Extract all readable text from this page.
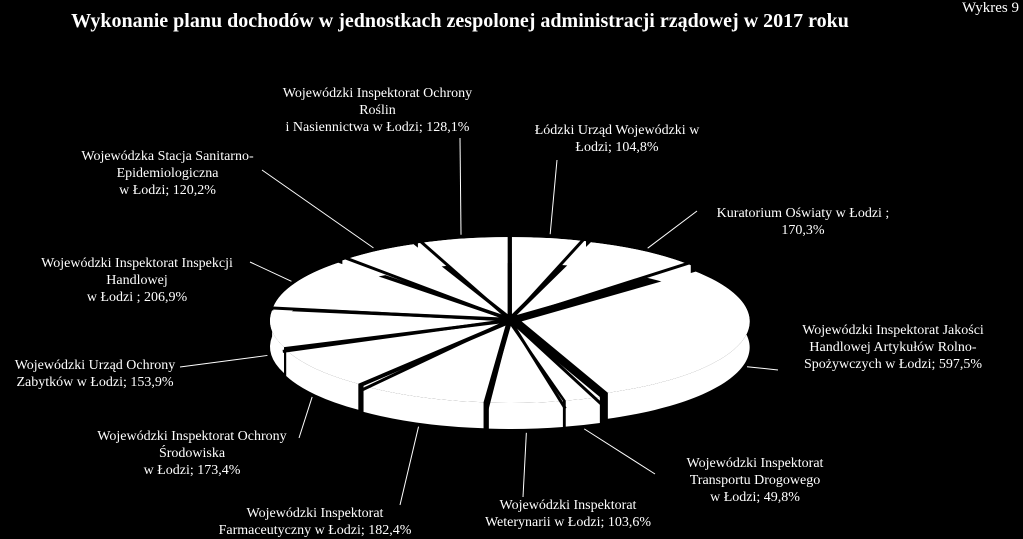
Wykonanie planu dochodów w jednostkach zespolonej administracji rządowej w 2017 roku
Wykres 9
Łódzki Urząd Wojewódzki w
Łodzi; 104,8%
Kuratorium Oświaty w Łodzi ;
170,3%
Wojewódzki Inspektorat Jakości
Handlowej Artykułów Rolno-
Spożywczych w Łodzi; 597,5%
Wojewódzki Inspektorat
Transportu Drogowego
w Łodzi; 49,8%
Wojewódzki Inspektorat
Weterynarii w Łodzi; 103,6%
Wojewódzki Inspektorat
Farmaceutyczny w Łodzi; 182,4%
Wojewódzki Inspektorat Ochrony
Środowiska
w Łodzi; 173,4%
Wojewódzki Urząd Ochrony
Zabytków w Łodzi; 153,9%
Wojewódzki Inspektorat Inspekcji
Handlowej
w Łodzi ; 206,9%
Wojewódzka Stacja Sanitarno-
Epidemiologiczna
w Łodzi; 120,2%
Wojewódzki Inspektorat Ochrony
Roślin
i Nasiennictwa w Łodzi; 128,1%
